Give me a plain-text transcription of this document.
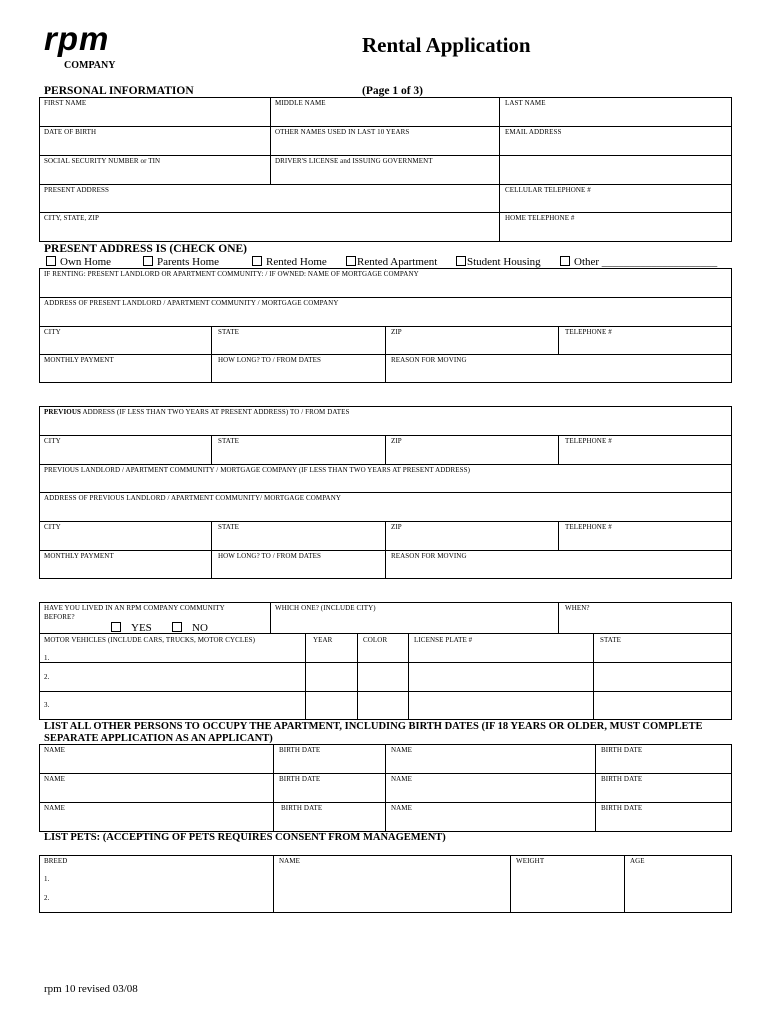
rpm
COMPANY
Rental Application
PERSONAL INFORMATION	(Page 1 of 3)
FIRST NAME	MIDDLE NAME	LAST NAME
DATE OF BIRTH	OTHER NAMES USED IN LAST 10 YEARS	EMAIL ADDRESS
SOCIAL SECURITY NUMBER or TIN	DRIVER'S LICENSE and ISSUING GOVERNMENT
PRESENT ADDRESS	CELLULAR TELEPHONE #
CITY, STATE, ZIP	HOME TELEPHONE #
PRESENT ADDRESS IS (CHECK ONE)
Own Home	Parents Home	Rented Home	Rented Apartment	Student Housing	Other _____________________
IF RENTING: PRESENT LANDLORD OR APARTMENT COMMUNITY: / IF OWNED: NAME OF MORTGAGE COMPANY
ADDRESS OF PRESENT LANDLORD / APARTMENT COMMUNITY / MORTGAGE COMPANY
CITY	STATE	ZIP	TELEPHONE #
MONTHLY PAYMENT	HOW LONG? TO / FROM DATES	REASON FOR MOVING
PREVIOUS ADDRESS (IF LESS THAN TWO YEARS AT PRESENT ADDRESS) TO / FROM DATES
CITY	STATE	ZIP	TELEPHONE #
PREVIOUS LANDLORD / APARTMENT COMMUNITY / MORTGAGE COMPANY (IF LESS THAN TWO YEARS AT PRESENT ADDRESS)
ADDRESS OF PREVIOUS LANDLORD / APARTMENT COMMUNITY/ MORTGAGE COMPANY
CITY	STATE	ZIP	TELEPHONE #
MONTHLY PAYMENT	HOW LONG? TO / FROM DATES	REASON FOR MOVING
HAVE YOU LIVED IN AN RPM COMPANY COMMUNITY
BEFORE?
YES	NO
WHICH ONE? (INCLUDE CITY)	WHEN?
MOTOR VEHICLES (INCLUDE CARS, TRUCKS, MOTOR CYCLES)	YEAR	COLOR	LICENSE PLATE #	STATE
1.
2.
3.
LIST ALL OTHER PERSONS TO OCCUPY THE APARTMENT, INCLUDING BIRTH DATES (IF 18 YEARS OR OLDER, MUST COMPLETE
SEPARATE APPLICATION AS AN APPLICANT)
NAME	BIRTH DATE	NAME	BIRTH DATE
NAME	BIRTH DATE	NAME	BIRTH DATE
NAME	BIRTH DATE	NAME	BIRTH DATE
LIST PETS: (ACCEPTING OF PETS REQUIRES CONSENT FROM MANAGEMENT)
BREED	NAME	WEIGHT	AGE
1.
2.
rpm 10 revised 03/08
